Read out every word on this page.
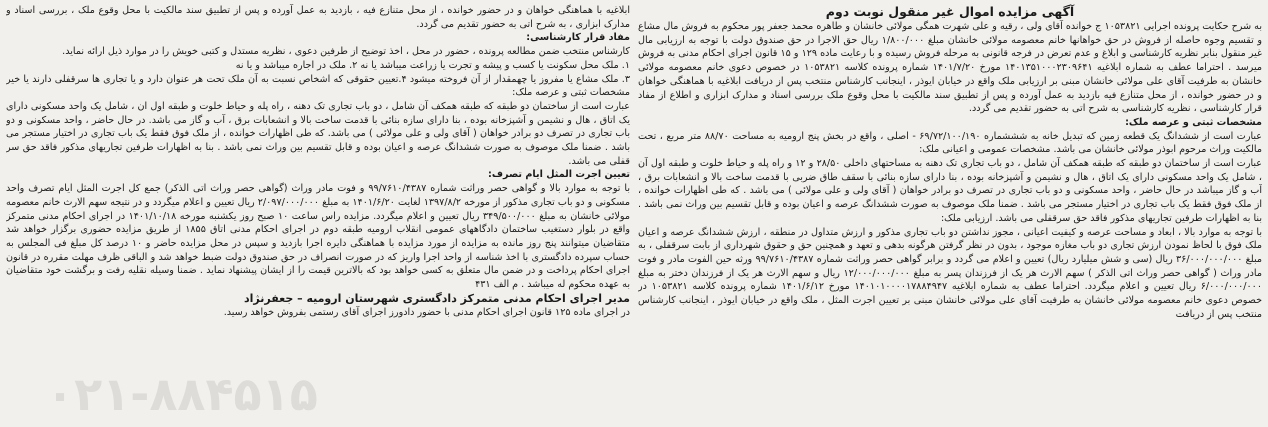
آگهی مزایده اموال غیر منقول نوبت دوم

به شرح حکایت پرونده اجرایی ۱۰۵۳۸۲۱ ج خوانده آقای ولی ، رقیه و علی شهرت همگی مولائی خانشان و طاهره محمد جعفر پور محکوم به فروش مال مشاع و تقسیم وجوه حاصله از فروش در حق خواهانها خانم معصومه مولائی خانشان مبلغ ۱/۸۰۰/۰۰۰ ریال حق الاجرا در حق صندوق دولت با توجه به ارزیابی مال غیر منقول بنابر نظریه کارشناسی و ابلاغ و عدم تعرض در فرجه قانونی به مرحله فروش رسیده و با رعایت ماده ۱۲۹ و ۱۵ قانون اجرای احکام مدنی به فروش میرسد . احتراما عطف به شماره ابلاغیه ۱۴۰۱۳۵۱۰۰۰۲۳۰۹۶۴۱ مورخ ۱۴۰۱/۷/۲۰ شماره پرونده کلاسه ۱۰۵۳۸۲۱ در خصوص دعوی خانم معصومه مولائی خانشان به طرفیت آقای علی مولائی خانشان مبنی بر ارزیابی ملک واقع در خیابان ایوذر ، اینجانب کارشناس منتخب پس از دریافت ابلاغیه با هماهنگی خواهان و در حضور خوانده ، از محل متنازع فیه بازدید به عمل آورده و پس از تطبیق سند مالکیت با محل وقوع ملک بررسی اسناد و مدارک ابزاری و اطلاع از مفاد قرار کارشناسی ، نظریه کارشناسی به شرح اتی به حضور تقدیم می گردد.

مشخصات ثبتی و عرصه ملک:

عبارت است از ششدانگ یک قطعه زمین که تبدیل خانه به شششماره ۶۹/۷۲/۱۰۰/۱۹۰ - اصلی ، واقع در بخش پنج ارومیه به مساحت ۸۸/۷۰ متر مربع ، تحت مالکیت وراث مرحوم ابوذر مولائی خانشان می باشد. مشخصات عمومی و اعیانی ملک:

عبارت است از ساختمان دو طبقه که طبقه همکف آن شامل ، دو باب تجاری تک دهنه به مساحتهای داخلی ۲۸/۵۰ و ۱۲ و راه پله و حیاط خلوت و طبقه اول آن ، شامل یک واحد مسکونی دارای یک اتاق ، هال و نشیمن و آشپزخانه بوده ، بنا دارای سازه بنائی با سقف طاق ضربی با قدمت ساخت بالا و انشعابات برق ، آب و گاز میباشد در حال حاضر ، واحد مسکونی و دو باب تجاری در تصرف دو برادر خواهان ( آقای ولی و علی مولائی ) می باشد . که طی اظهارات خوانده ، از ملک فوق فقط یک باب تجاری در اختیار مستجر می باشد . ضمنا ملک موصوف به صورت ششدانگ عرصه و اعیان بوده و قابل تقسیم بین وراث نمی باشد . بنا به اظهارات طرفین تجاریهای مذکور فاقد حق سرقفلی می باشد. ارزیابی ملک:

با توجه به موارد بالا ، ابعاد و مساحت عرصه و کیفیت اعیانی ، مجوز نداشتن دو باب تجاری مذکور و ارزش متداول در منطقه ، ارزش ششدانگ عرصه و اعیان ملک فوق با لحاظ نمودن ارزش تجاری دو باب مغازه موجود ، بدون در نظر گرفتن هرگونه بدهی و تعهد و همچنین حق و حقوق شهرداری از بابت سرقفلی ، به مبلغ ۳۶/۰۰۰/۰۰۰/۰۰۰ ریال (سی و شش میلیارد ریال) تعیین و اعلام می گردد و برابر گواهی حصر وراثت شماره ۹۹/۷۶۱۰/۴۳۸۷ ورثه حین الفوت مادر و فوت مادر وراث ( گواهی حصر وراث اتی الذکر ) سهم الارث هر یک از فرزندان پسر به مبلغ ۱۲/۰۰۰/۰۰۰/۰۰۰ ریال و سهم الارث هر یک از فرزندان دختر به مبلغ ۶/۰۰۰/۰۰۰/۰۰۰ ریال تعیین و اعلام میگردد. احتراما عطف به شماره ابلاغیه ۱۴۰۱۰۱۰۰۰۰۱۷۸۸۴۹۴۷ مورخ ۱۴۰۱/۶/۱۲ شماره پرونده کلاسه ۱۰۵۳۸۲۱ در خصوص دعوی خانم معصومه مولائی خانشان به طرفیت آقای علی مولائی خانشان مبنی بر تعیین اجرت المثل ، ملک واقع در خیابان ایوذر ، اینجانب کارشناس منتخب پس از دریافت

ابلاغیه با هماهنگی خواهان و در حضور خوانده ، از محل متنازع فیه ، بازدید به عمل آورده و پس از تطبیق سند مالکیت با محل وقوع ملک ، بررسی اسناد و مدارک ابزاری ، به شرح اتی به حضور تقدیم می گردد.

مفاد قرار کارشناسی:

کارشناس منتخب ضمن مطالعه پرونده ، حضور در محل ، اخذ توضیح از طرفین دعوی ، نظریه مستدل و کتبی خویش را در موارد ذیل ارائه نماید.

۱. ملک محل سکونت یا کسب و پیشه و تجرت یا زراعت میباشد یا نه ۲. ملک در اجاره میباشد و یا نه

۳. ملک مشاع یا مفروز یا چهمقدار از آن فروخته میشود ۴.تعیین حقوقی که اشخاص نسبت به آن ملک تحت هر عنوان دارد و یا تجاری ها سرقفلی دارند یا خیر مشخصات ثبتی و عرصه ملک:

عبارت است از ساختمان دو طبقه که طبقه همکف آن شامل ، دو باب تجاری تک دهنه ، راه پله و حیاط خلوت و طبقه اول ان ، شامل یک واحد مسکونی دارای یک اتاق ، هال و نشیمن و آشپزخانه بوده ، بنا دارای سازه بنائی با قدمت ساخت بالا و انشعابات برق ، آب و گاز می باشد. در حال حاضر ، واحد مسکونی و دو باب تجاری در تصرف دو برادر خواهان ( آقای ولی و علی مولائی ) می باشد. که طی اظهارات خوانده ، از ملک فوق فقط یک باب تجاری در اختیار مستجر می باشد . ضمنا ملک موصوف به صورت ششدانگ عرصه و اعیان بوده و قابل تقسیم بین وراث نمی باشد . بنا به اظهارات طرفین تجاریهای مذکور فاقد حق سر قفلی می باشد.

تعیین اجرت المثل ایام تصرف:

با توجه به موارد بالا و گواهی حصر وراثت شماره ۹۹/۷۶۱۰/۴۳۸۷ و فوت مادر وراث (گواهی حصر وراث اتی الذکر) جمع کل اجرت المثل ایام تصرف واحد مسکونی و دو باب تجاری مذکور از مورخه ۱۳۹۷/۸/۲ لغایت ۱۴۰۱/۶/۲۰ به مبلغ ۲/۰۹۷/۰۰۰/۰۰۰ ریال تعیین و اعلام میگردد و در نتیجه سهم الارث خانم معصومه مولائی خانشان به مبلغ ۳۴۹/۵۰۰/۰۰۰ ریال تعیین و اعلام میگردد. مزایده راس ساعت ۱۰ صبح روز یکشنبه مورخه ۱۴۰۱/۱۰/۱۸ در اجرای احکام مدنی متمرکز واقع در بلوار دستغیب ساختمان دادگاههای عمومی انقلاب ارومیه طبقه دوم در اجرای احکام مدنی اتاق ۱۸۵۵ از طریق مزایده حضوری برگزار خواهد شد متقاضیان میتوانند پنج روز مانده به مزایده از مورد مزایده با هماهنگی دایره اجرا بازدید و سپس در محل مزایده حاضر و ۱۰ درصد کل مبلغ فی المجلس به حساب سپرده دادگستری با اخذ شناسه از واحد اجرا واریز که در صورت انصراف در حق صندوق دولت ضبط خواهد شد و الباقی ظرف مهلت مقرره در قانون اجرای احکام پرداخت و در ضمن مال متعلق به کسی خواهد بود که بالاترین قیمت را از ایشان پیشنهاد نماید . ضمنا وسیله نقلیه رفت و برگشت خود متقاضیان به عهده محکوم له میباشد . م الف ۴۳۱

مدیر اجرای احکام مدنی متمرکز دادگستری شهرستان ارومیه – جعفرنژاد

در اجرای ماده ۱۲۵ قانون اجرای احکام مدنی با حضور دادورز اجرای آقای رستمی بفروش خواهد رسید.

۰۲۱-۸۸۴۵۱۵
